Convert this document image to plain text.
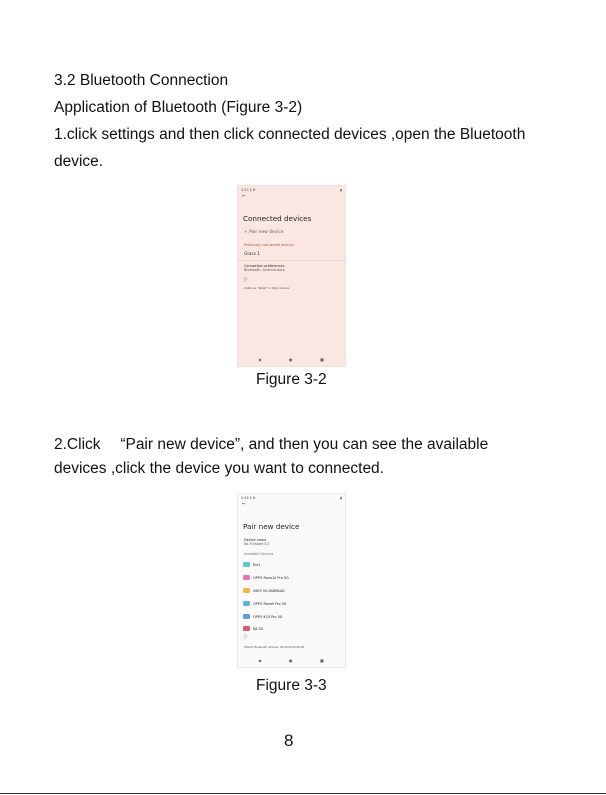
3.2 Bluetooth Connection
Application of Bluetooth (Figure 3-2)
1.click settings and then click connected devices ,open the Bluetooth
device.
5:45 § ⚙	▮
←
Connected devices
+ Pair new device
Previously connected devices
Glass 1
Connection preferences
Bluetooth, Android Auto
ⓘ
Visible as “Tablet” to other devices
◀	●	■
Figure 3-2
2.Click 　“Pair new device”, and then you can see the available
devices ,click the device you want to connected.
5:46 § ⚙	▮
←
Pair new device
Device name
Wi-Fi tablet 3.0
Available devices
Ele1
OPPO Reno10 Pro 5G
26E5 5G-8S6EBAD
OPPO Reno9 Pro 5G
OPPO K10 Pro 5G
K8 5G
ⓘ
Tablet's Bluetooth address: 00:00:00:00:00:00
◀	●	■
Figure 3-3
8
